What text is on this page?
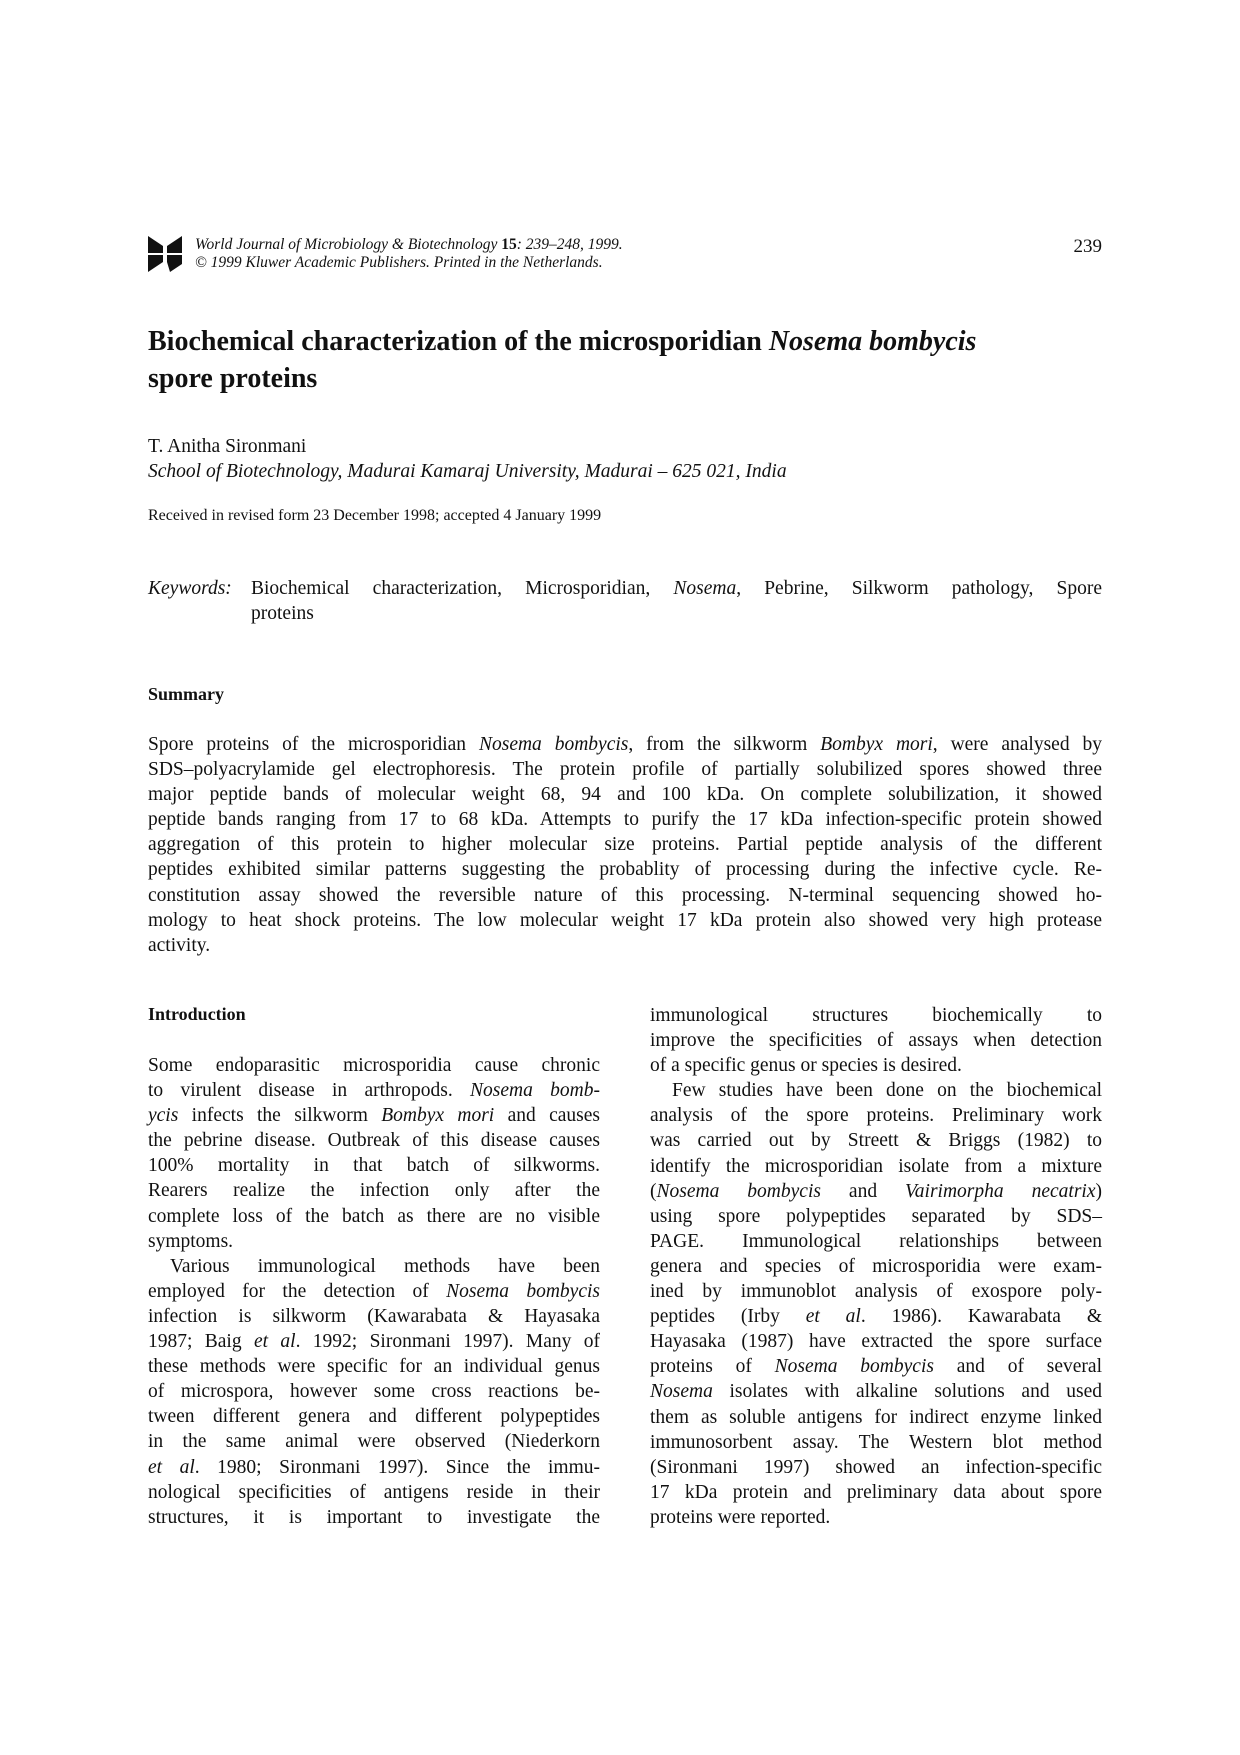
World Journal of Microbiology & Biotechnology 15: 239–248, 1999.
© 1999 Kluwer Academic Publishers. Printed in the Netherlands.
239
Biochemical characterization of the microsporidian Nosema bombycis
spore proteins
T. Anitha Sironmani
School of Biotechnology, Madurai Kamaraj University, Madurai – 625 021, India
Received in revised form 23 December 1998; accepted 4 January 1999
Keywords: Biochemical characterization, Microsporidian, Nosema, Pebrine, Silkworm pathology, Spore
proteins
Summary
Spore proteins of the microsporidian Nosema bombycis, from the silkworm Bombyx mori, were analysed by
SDS–polyacrylamide gel electrophoresis. The protein profile of partially solubilized spores showed three
major peptide bands of molecular weight 68, 94 and 100 kDa. On complete solubilization, it showed
peptide bands ranging from 17 to 68 kDa. Attempts to purify the 17 kDa infection-specific protein showed
aggregation of this protein to higher molecular size proteins. Partial peptide analysis of the different
peptides exhibited similar patterns suggesting the probablity of processing during the infective cycle. Re-
constitution assay showed the reversible nature of this processing. N-terminal sequencing showed ho-
mology to heat shock proteins. The low molecular weight 17 kDa protein also showed very high protease
activity.
Introduction
Some endoparasitic microsporidia cause chronic
to virulent disease in arthropods. Nosema bomb-
ycis infects the silkworm Bombyx mori and causes
the pebrine disease. Outbreak of this disease causes
100% mortality in that batch of silkworms.
Rearers realize the infection only after the
complete loss of the batch as there are no visible
symptoms.
Various immunological methods have been
employed for the detection of Nosema bombycis
infection is silkworm (Kawarabata & Hayasaka
1987; Baig et al. 1992; Sironmani 1997). Many of
these methods were specific for an individual genus
of microspora, however some cross reactions be-
tween different genera and different polypeptides
in the same animal were observed (Niederkorn
et al. 1980; Sironmani 1997). Since the immu-
nological specificities of antigens reside in their
structures, it is important to investigate the
immunological structures biochemically to
improve the specificities of assays when detection
of a specific genus or species is desired.
Few studies have been done on the biochemical
analysis of the spore proteins. Preliminary work
was carried out by Streett & Briggs (1982) to
identify the microsporidian isolate from a mixture
(Nosema bombycis and Vairimorpha necatrix)
using spore polypeptides separated by SDS–
PAGE. Immunological relationships between
genera and species of microsporidia were exam-
ined by immunoblot analysis of exospore poly-
peptides (Irby et al. 1986). Kawarabata &
Hayasaka (1987) have extracted the spore surface
proteins of Nosema bombycis and of several
Nosema isolates with alkaline solutions and used
them as soluble antigens for indirect enzyme linked
immunosorbent assay. The Western blot method
(Sironmani 1997) showed an infection-specific
17 kDa protein and preliminary data about spore
proteins were reported.
